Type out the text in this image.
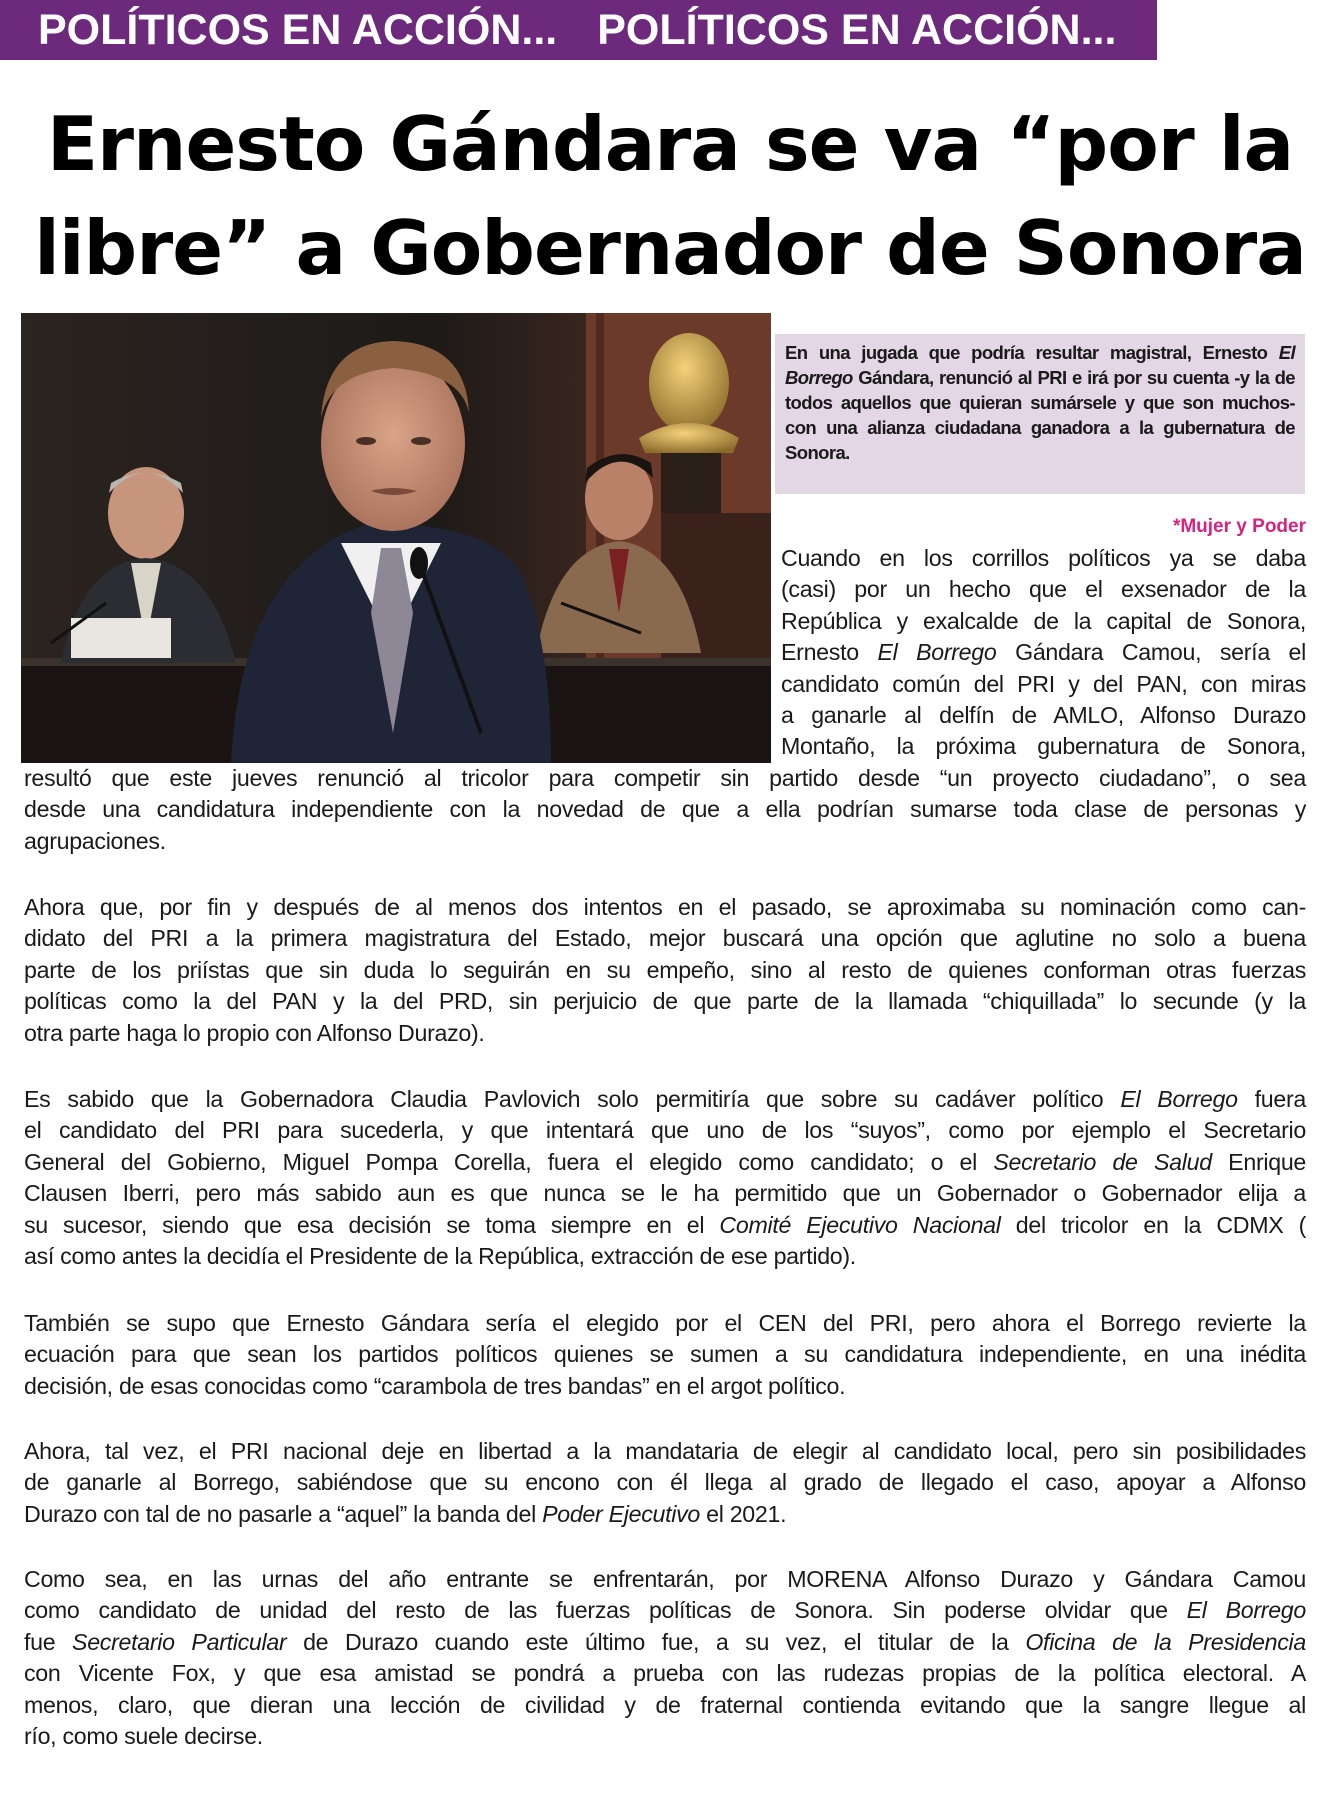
POLÍTICOS EN ACCIÓN... POLÍTICOS EN ACCIÓN...
Ernesto Gándara se va “por la
libre” a Gobernador de Sonora
En una jugada que podría resultar magistral, Ernesto El Borrego Gándara, renunció al PRI e irá por su cuenta -y la de todos aquellos que quieran sumársele y que son muchos- con una alianza ciudadana ganadora a la gubernatura de Sonora.
*Mujer y Poder
Cuando en los corrillos políticos ya se daba
(casi) por un hecho que el exsenador de la
República y exalcalde de la capital de Sonora,
Ernesto El Borrego Gándara Camou, sería el
candidato común del PRI y del PAN, con miras
a ganarle al delfín de AMLO, Alfonso Durazo
Montaño, la próxima gubernatura de Sonora,
resultó que este jueves renunció al tricolor para competir sin partido desde “un proyecto ciudadano”, o sea
desde una candidatura independiente con la novedad de que a ella podrían sumarse toda clase de personas y
agrupaciones.
Ahora que, por fin y después de al menos dos intentos en el pasado, se aproximaba su nominación como can-
didato del PRI a la primera magistratura del Estado, mejor buscará una opción que aglutine no solo a buena
parte de los priístas que sin duda lo seguirán en su empeño, sino al resto de quienes conforman otras fuerzas
políticas como la del PAN y la del PRD, sin perjuicio de que parte de la llamada “chiquillada” lo secunde (y la
otra parte haga lo propio con Alfonso Durazo).
Es sabido que la Gobernadora Claudia Pavlovich solo permitiría que sobre su cadáver político El Borrego fuera
el candidato del PRI para sucederla, y que intentará que uno de los “suyos”, como por ejemplo el Secretario
General del Gobierno, Miguel Pompa Corella, fuera el elegido como candidato; o el Secretario de Salud Enrique
Clausen Iberri, pero más sabido aun es que nunca se le ha permitido que un Gobernador o Gobernador elija a
su sucesor, siendo que esa decisión se toma siempre en el Comité Ejecutivo Nacional del tricolor en la CDMX (
así como antes la decidía el Presidente de la República, extracción de ese partido).
También se supo que Ernesto Gándara sería el elegido por el CEN del PRI, pero ahora el Borrego revierte la
ecuación para que sean los partidos políticos quienes se sumen a su candidatura independiente, en una inédita
decisión, de esas conocidas como “carambola de tres bandas” en el argot político.
Ahora, tal vez, el PRI nacional deje en libertad a la mandataria de elegir al candidato local, pero sin posibilidades
de ganarle al Borrego, sabiéndose que su encono con él llega al grado de llegado el caso, apoyar a Alfonso
Durazo con tal de no pasarle a “aquel” la banda del Poder Ejecutivo el 2021.
Como sea, en las urnas del año entrante se enfrentarán, por MORENA Alfonso Durazo y Gándara Camou
como candidato de unidad del resto de las fuerzas políticas de Sonora. Sin poderse olvidar que El Borrego
fue Secretario Particular de Durazo cuando este último fue, a su vez, el titular de la Oficina de la Presidencia
con Vicente Fox, y que esa amistad se pondrá a prueba con las rudezas propias de la política electoral. A
menos, claro, que dieran una lección de civilidad y de fraternal contienda evitando que la sangre llegue al
río, como suele decirse.
